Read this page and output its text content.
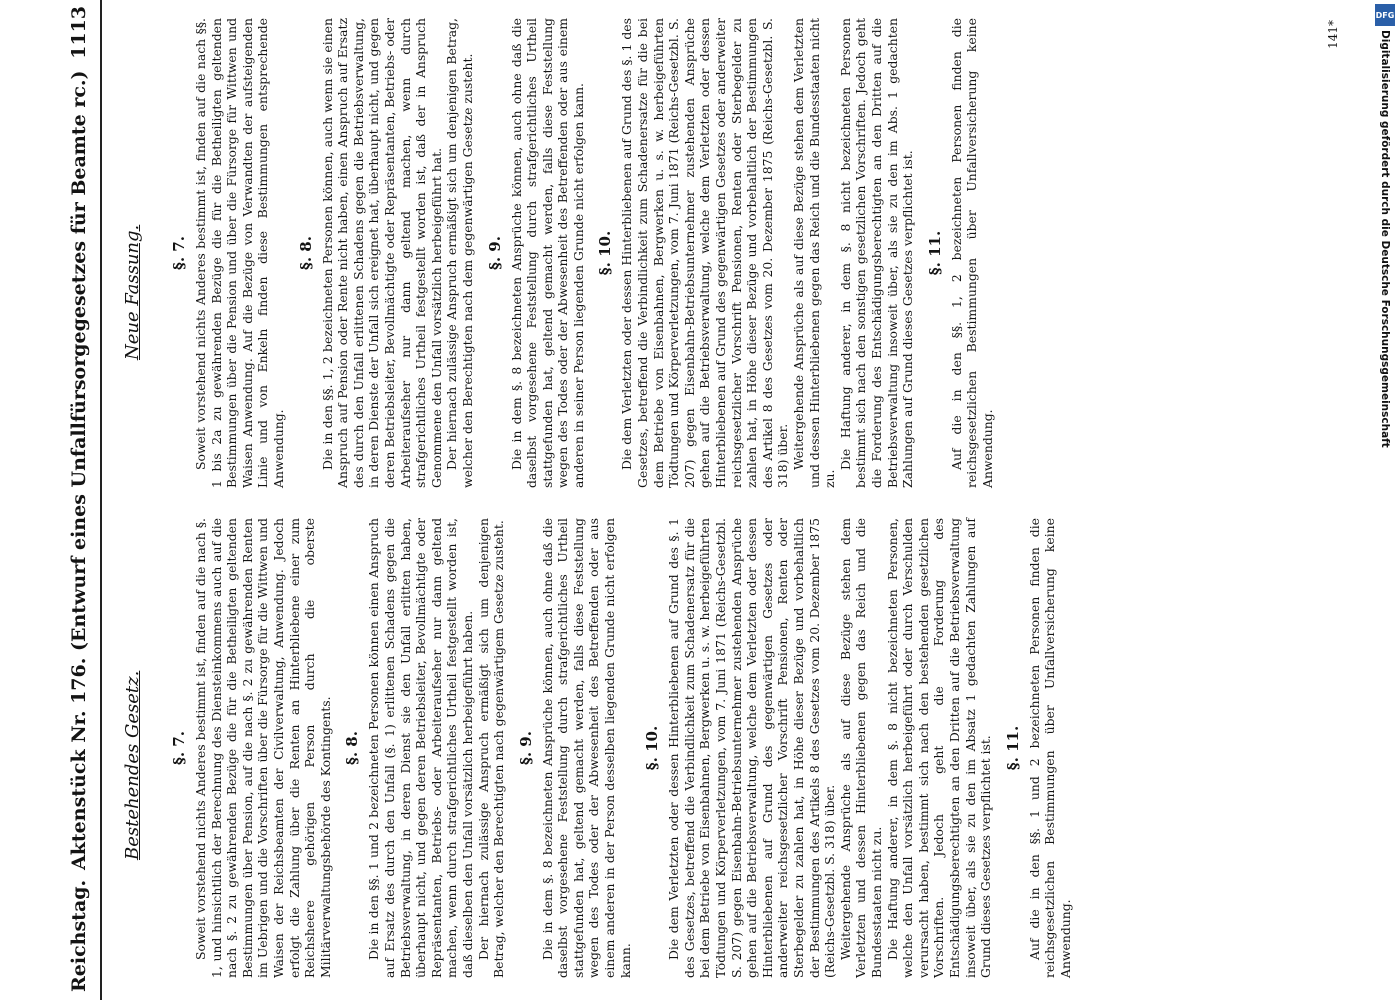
Reichstag.
Aktenstück Nr. 176. (Entwurf eines Unfallfürsorgegesetzes für Beamte rc.)
1113
Bestehendes Gesetz.
Neue Fassung.
§. 7. Soweit vorstehend nichts Anderes bestimmt ist, finden auf die nach §. 1, und hinsichtlich der Berechnung des Diensteinkommens auch auf die nach §. 2 zu gewährenden Bezüge die für die Betheiligten geltenden Bestimmungen über Pension, auf die nach §. 2 zu gewährenden Renten im Uebrigen und die Vorschriften über die Fürsorge für die Wittwen und Waisen der Reichsbeamten der Civilverwaltung, Anwendung. Jedoch erfolgt die Zahlung über die Renten an Hinterbliebene einer zum Reichsheere gehörigen Person durch die oberste Militärverwaltungsbehörde des Kontingents. §. 8. Die in den §§. 1 und 2 bezeichneten Personen können einen Anspruch auf Ersatz des durch den Unfall (§. 1) erlittenen Schadens gegen die Betriebsverwaltung, in deren Dienst sie den Unfall erlitten haben, überhaupt nicht, und gegen deren Betriebsleiter, Bevollmächtigte oder Repräsentanten, Betriebs- oder Arbeiteraufseher nur dann geltend machen, wenn durch strafgerichtliches Urtheil festgestellt worden ist, daß dieselben den Unfall vorsätzlich herbeigeführt haben. Der hiernach zulässige Anspruch ermäßigt sich um denjenigen Betrag, welcher den Berechtigten nach gegenwärtigem Gesetze zusteht. §. 9. Die in dem §. 8 bezeichneten Ansprüche können, auch ohne daß die daselbst vorgesehene Feststellung durch strafgerichtliches Urtheil stattgefunden hat, geltend gemacht werden, falls diese Feststellung wegen des Todes oder der Abwesenheit des Betreffenden oder aus einem anderen in der Person desselben liegenden Grunde nicht erfolgen kann.

§. 10. Die dem Verletzten oder dessen Hinterbliebenen auf Grund des §. 1 des Gesetzes, betreffend die Verbindlichkeit zum Schadenersatz für die bei dem Betriebe von Eisenbahnen, Bergwerken u. s. w. herbeigeführten Tödtungen und Körperverletzungen, vom 7. Juni 1871 (Reichs-Gesetzbl. S. 207) gegen Eisenbahn-Betriebsunternehmer zustehenden Ansprüche gehen auf die Betriebsverwaltung, welche dem Verletzten oder dessen Hinterbliebenen auf Grund des gegenwärtigen Gesetzes oder anderweiter reichsgesetzlicher Vorschrift Pensionen, Renten oder Sterbegelder zu zahlen hat, in Höhe dieser Bezüge und vorbehaltlich der Bestimmungen des Artikels 8 des Gesetzes vom 20. Dezember 1875 (Reichs-Gesetzbl. S. 318) über. Weitergehende Ansprüche als auf diese Bezüge stehen dem Verletzten und dessen Hinterbliebenen gegen das Reich und die Bundesstaaten nicht zu. Die Haftung anderer, in dem §. 8 nicht bezeichneten Personen, welche den Unfall vorsätzlich herbeigeführt oder durch Verschulden verursacht haben, bestimmt sich nach den bestehenden gesetzlichen Vorschriften. Jedoch geht die Forderung des Entschädigungsberechtigten an den Dritten auf die Betriebsverwaltung insoweit über, als sie zu den im Absatz 1 gedachten Zahlungen auf Grund dieses Gesetzes verpflichtet ist. §. 11. Auf die in den §§. 1 und 2 bezeichneten Personen finden die reichsgesetzlichen Bestimmungen über Unfallversicherung keine Anwendung.

§. 7. Soweit vorstehend nichts Anderes bestimmt ist, finden auf die nach §§. 1 bis 2a zu gewährenden Bezüge die für die Betheiligten geltenden Bestimmungen über die Pension und über die Fürsorge für Wittwen und Waisen Anwendung. Auf die Bezüge von Verwandten der aufsteigenden Linie und von Enkeln finden diese Bestimmungen entsprechende Anwendung.

§. 8. Die in den §§. 1, 2 bezeichneten Personen können, auch wenn sie einen Anspruch auf Pension oder Rente nicht haben, einen Anspruch auf Ersatz des durch den Unfall erlittenen Schadens gegen die Betriebsverwaltung, in deren Dienste der Unfall sich ereignet hat, überhaupt nicht, und gegen deren Betriebsleiter, Bevollmächtigte oder Repräsentanten, Betriebs- oder Arbeiteraufseher nur dann geltend machen, wenn durch strafgerichtliches Urtheil festgestellt worden ist, daß der in Anspruch Genommene den Unfall vorsätzlich herbeigeführt hat. Der hiernach zulässige Anspruch ermäßigt sich um denjenigen Betrag, welcher den Berechtigten nach dem gegenwärtigen Gesetze zusteht. §. 9. Die in dem §. 8 bezeichneten Ansprüche können, auch ohne daß die daselbst vorgesehene Feststellung durch strafgerichtliches Urtheil stattgefunden hat, geltend gemacht werden, falls diese Feststellung wegen des Todes oder der Abwesenheit des Betreffenden oder aus einem anderen in seiner Person liegenden Grunde nicht erfolgen kann. §. 10. Die dem Verletzten oder dessen Hinterbliebenen auf Grund des §. 1 des Gesetzes, betreffend die Verbindlichkeit zum Schadenersatze für die bei dem Betriebe von Eisenbahnen, Bergwerken u. s. w. herbeigeführten Tödtungen und Körperverletzungen, vom 7. Juni 1871 (Reichs-Gesetzbl. S. 207) gegen Eisenbahn-Betriebsunternehmer zustehenden Ansprüche gehen auf die Betriebsverwaltung, welche dem Verletzten oder dessen Hinterbliebenen auf Grund des gegenwärtigen Gesetzes oder anderweiter reichsgesetzlicher Vorschrift Pensionen, Renten oder Sterbegelder zu zahlen hat, in Höhe dieser Bezüge und vorbehaltlich der Bestimmungen des Artikel 8 des Gesetzes vom 20. Dezember 1875 (Reichs-Gesetzbl. S. 318) über. Weitergehende Ansprüche als auf diese Bezüge stehen dem Verletzten und dessen Hinterbliebenen gegen das Reich und die Bundesstaaten nicht zu.

Die Haftung anderer, in dem §. 8 nicht bezeichneten Personen bestimmt sich nach den sonstigen gesetzlichen Vorschriften. Jedoch geht die Forderung des Entschädigungsberechtigten an den Dritten auf die Betriebsverwaltung insoweit über, als sie zu den im Abs. 1 gedachten Zahlungen auf Grund dieses Gesetzes verpflichtet ist. §. 11. Auf die in den §§. 1, 2 bezeichneten Personen finden die reichsgesetzlichen Bestimmungen über Unfallversicherung keine Anwendung.

141*
DFG
Digitalisierung gefördert durch die Deutsche Forschungsgemeinschaft
